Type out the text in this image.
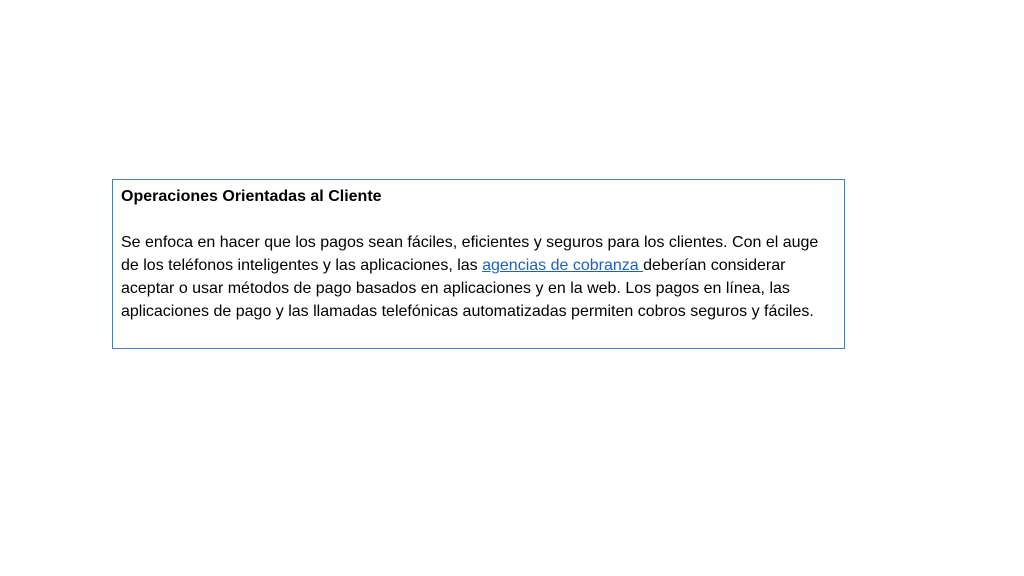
Operaciones Orientadas al Cliente

Se enfoca en hacer que los pagos sean fáciles, eficientes y seguros para los clientes. Con el auge de los teléfonos inteligentes y las aplicaciones, las agencias de cobranza deberían considerar aceptar o usar métodos de pago basados en aplicaciones y en la web. Los pagos en línea, las aplicaciones de pago y las llamadas telefónicas automatizadas permiten cobros seguros y fáciles.
